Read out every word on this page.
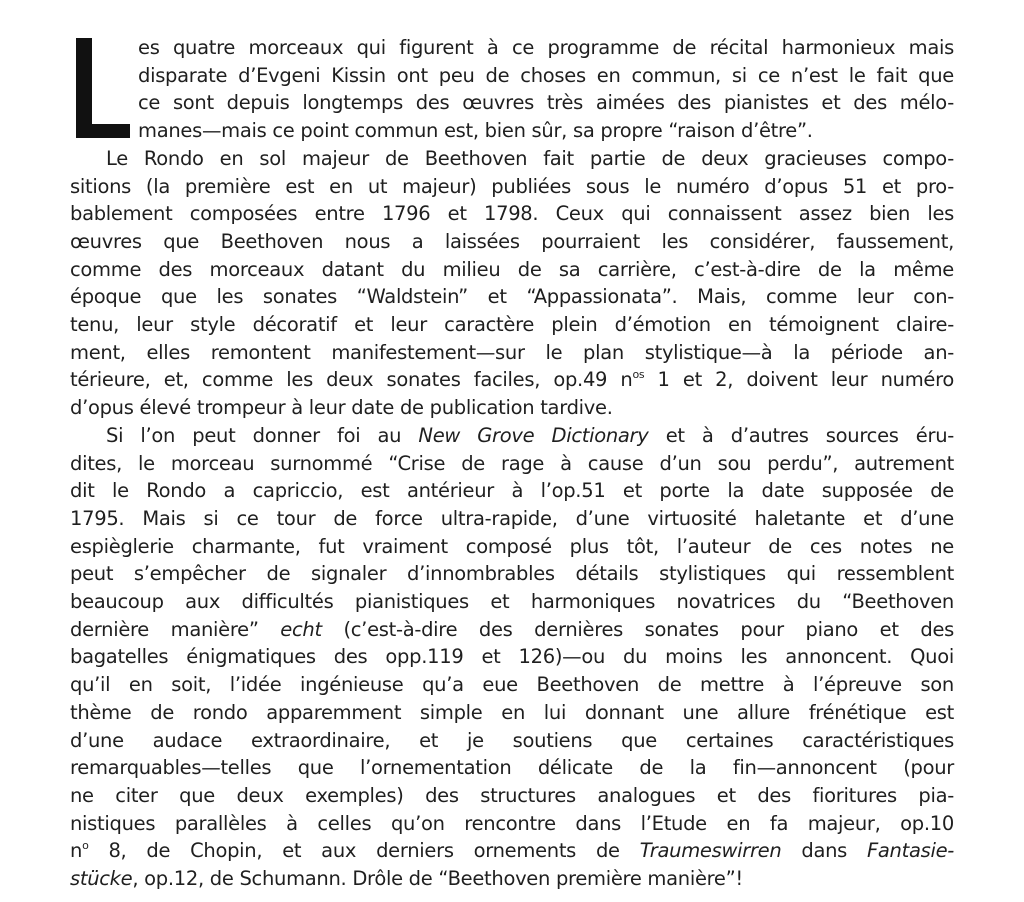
es quatre morceaux qui figurent à ce programme de récital harmonieux mais
disparate d’Evgeni Kissin ont peu de choses en commun, si ce n’est le fait que
ce sont depuis longtemps des œuvres très aimées des pianistes et des mélo-
manes—mais ce point commun est, bien sûr, sa propre “raison d’être”.
Le Rondo en sol majeur de Beethoven fait partie de deux gracieuses compo-
sitions (la première est en ut majeur) publiées sous le numéro d’opus 51 et pro-
bablement composées entre 1796 et 1798. Ceux qui connaissent assez bien les
œuvres que Beethoven nous a laissées pourraient les considérer, faussement,
comme des morceaux datant du milieu de sa carrière, c’est-à-dire de la même
époque que les sonates “Waldstein” et “Appassionata”. Mais, comme leur con-
tenu, leur style décoratif et leur caractère plein d’émotion en témoignent claire-
ment, elles remontent manifestement—sur le plan stylistique—à la période an-
térieure, et, comme les deux sonates faciles, op.49 $n^{os}$ 1 et 2, doivent leur numéro
d’opus élevé trompeur à leur date de publication tardive.
Si l’on peut donner foi au New Grove Dictionary et à d’autres sources éru-
dites, le morceau surnommé “Crise de rage à cause d’un sou perdu”, autrement
dit le Rondo a capriccio, est antérieur à l’op.51 et porte la date supposée de
1795. Mais si ce tour de force ultra-rapide, d’une virtuosité haletante et d’une
espièglerie charmante, fut vraiment composé plus tôt, l’auteur de ces notes ne
peut s’empêcher de signaler d’innombrables détails stylistiques qui ressemblent
beaucoup aux difficultés pianistiques et harmoniques novatrices du “Beethoven
dernière manière” echt (c’est-à-dire des dernières sonates pour piano et des
bagatelles énigmatiques des opp.119 et 126)—ou du moins les annoncent. Quoi
qu’il en soit, l’idée ingénieuse qu’a eue Beethoven de mettre à l’épreuve son
thème de rondo apparemment simple en lui donnant une allure frénétique est
d’une audace extraordinaire, et je soutiens que certaines caractéristiques
remarquables—telles que l’ornementation délicate de la fin—annoncent (pour
ne citer que deux exemples) des structures analogues et des fioritures pia-
nistiques parallèles à celles qu’on rencontre dans l’Etude en fa majeur, op.10
$n^o$ 8, de Chopin, et aux derniers ornements de Traumeswirren dans Fantasie-
stücke, op.12, de Schumann. Drôle de “Beethoven première manière”!
